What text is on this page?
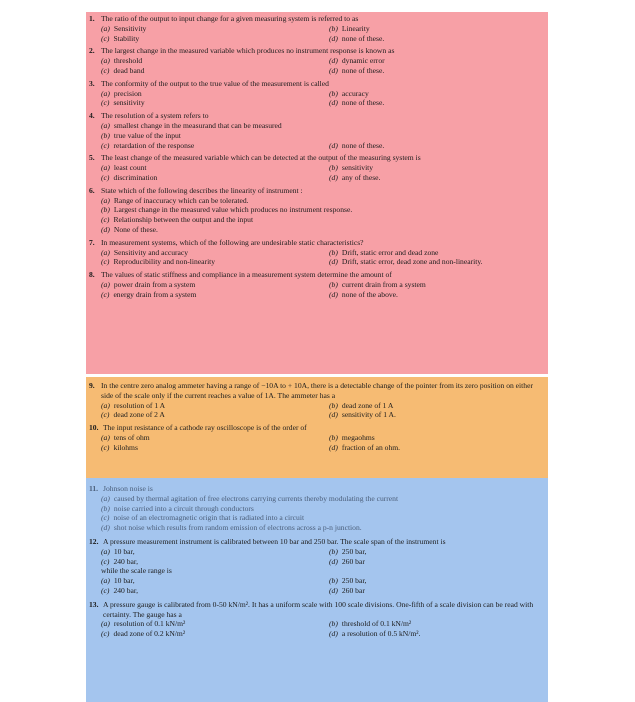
1. The ratio of the output to input change for a given measuring system is referred to as
(a) Sensitivity	(b) Linearity
(c) Stability	(d) none of these.
2. The largest change in the measured variable which produces no instrument response is known as
(a) threshold	(d) dynamic error
(c) dead band	(d) none of these.
3. The conformity of the output to the true value of the measurement is called
(a) precision	(b) accuracy
(c) sensitivity	(d) none of these.
4. The resolution of a system refers to
(a) smallest change in the measurand that can be measured
(b) true value of the input
(c) retardation of the response	(d) none of these.
5. The least change of the measured variable which can be detected at the output of the measuring system is
(a) least count	(b) sensitivity
(c) discrimination	(d) any of these.
6. State which of the following describes the linearity of instrument :
(a) Range of inaccuracy which can be tolerated.
(b) Largest change in the measured value which produces no instrument response.
(c) Relationship between the output and the input
(d) None of these.
7. In measurement systems, which of the following are undesirable static characteristics?
(a) Sensitivity and accuracy	(b) Drift, static error and dead zone
(c) Reproducibility and non-linearity	(d) Drift, static error, dead zone and non-linearity.
8. The values of static stiffness and compliance in a measurement system determine the amount of
(a) power drain from a system	(b) current drain from a system
(c) energy drain from a system	(d) none of the above.
9. In the centre zero analog ammeter having a range of −10A to + 10A, there is a detectable change of the pointer from its zero position on either side of the scale only if the current reaches a value of 1A. The ammeter has a
(a) resolution of 1 A	(b) dead zone of 1 A
(c) dead zone of 2 A	(d) sensitivity of 1 A.
10. The input resistance of a cathode ray oscilloscope is of the order of
(a) tens of ohm	(b) megaohms
(c) kilohms	(d) fraction of an ohm.
11. Johnson noise is
(a) caused by thermal agitation of free electrons carrying currents thereby modulating the current
(b) noise carried into a circuit through conductors
(c) noise of an electromagnetic origin that is radiated into a circuit
(d) shot noise which results from random emission of electrons across a p-n junction.
12. A pressure measurement instrument is calibrated between 10 bar and 250 bar. The scale span of the instrument is
(a) 10 bar,	(b) 250 bar,
(c) 240 bar,	(d) 260 bar
while the scale range is
(a) 10 bar,	(b) 250 bar,
(c) 240 bar,	(d) 260 bar
13. A pressure gauge is calibrated from 0-50 kN/m². It has a uniform scale with 100 scale divisions. One-fifth of a scale division can be read with certainty. The gauge has a
(a) resolution of 0.1 kN/m²	(b) threshold of 0.1 kN/m²
(c) dead zone of 0.2 kN/m²	(d) a resolution of 0.5 kN/m².
